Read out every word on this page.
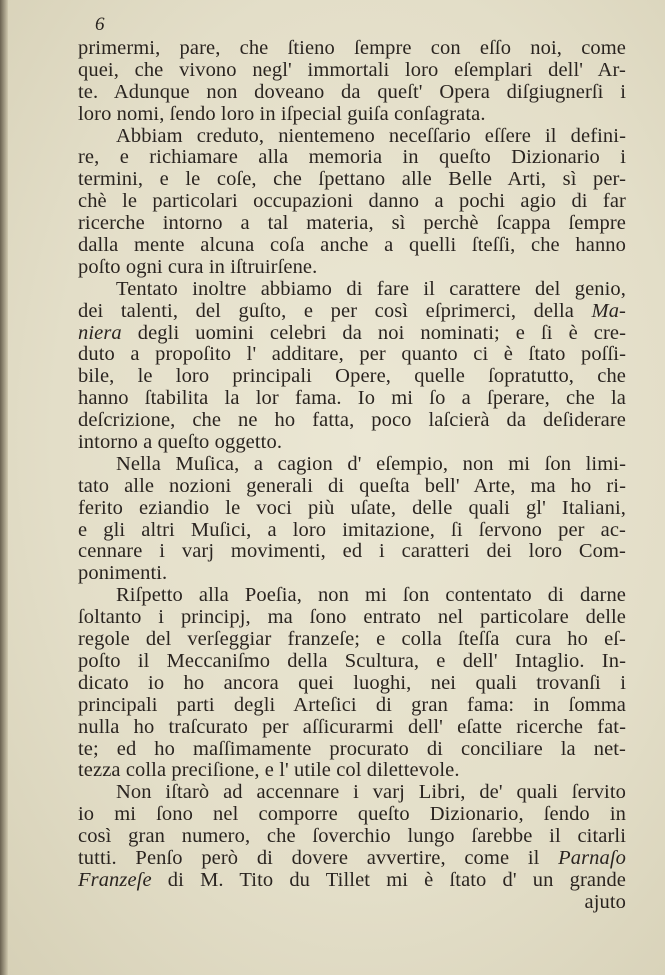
6
primermi, pare, che ſtieno ſempre con eſſo noi, come
quei, che vivono negl' immortali loro eſemplari dell' Ar-
te. Adunque non doveano da queſt' Opera diſgiugnerſi i
loro nomi, ſendo loro in iſpecial guiſa conſagrata.
Abbiam creduto, nientemeno neceſſario eſſere il defini-
re, e richiamare alla memoria in queſto Dizionario i
termini, e le coſe, che ſpettano alle Belle Arti, sì per-
chè le particolari occupazioni danno a pochi agio di far
ricerche intorno a tal materia, sì perchè ſcappa ſempre
dalla mente alcuna coſa anche a quelli ſteſſi, che hanno
poſto ogni cura in iſtruirſene.
Tentato inoltre abbiamo di fare il carattere del genio,
dei talenti, del guſto, e per così eſprimerci, della Ma-
niera degli uomini celebri da noi nominati; e ſi è cre-
duto a propoſito l' additare, per quanto ci è ſtato poſſi-
bile, le loro principali Opere, quelle ſopratutto, che
hanno ſtabilita la lor fama. Io mi ſo a ſperare, che la
deſcrizione, che ne ho fatta, poco laſcierà da deſiderare
intorno a queſto oggetto.
Nella Muſica, a cagion d' eſempio, non mi ſon limi-
tato alle nozioni generali di queſta bell' Arte, ma ho ri-
ferito eziandio le voci più uſate, delle quali gl' Italiani,
e gli altri Muſici, a loro imitazione, ſi ſervono per ac-
cennare i varj movimenti, ed i caratteri dei loro Com-
ponimenti.
Riſpetto alla Poeſia, non mi ſon contentato di darne
ſoltanto i principj, ma ſono entrato nel particolare delle
regole del verſeggiar franzeſe; e colla ſteſſa cura ho eſ-
poſto il Meccaniſmo della Scultura, e dell' Intaglio. In-
dicato io ho ancora quei luoghi, nei quali trovanſi i
principali parti degli Arteſici di gran fama: in ſomma
nulla ho traſcurato per aſſicurarmi dell' eſatte ricerche fat-
te; ed ho maſſimamente procurato di conciliare la net-
tezza colla preciſione, e l' utile col dilettevole.
Non iſtarò ad accennare i varj Libri, de' quali ſervito
io mi ſono nel comporre queſto Dizionario, ſendo in
così gran numero, che ſoverchio lungo ſarebbe il citarli
tutti. Penſo però di dovere avvertire, come il Parnaſo
Franzeſe di M. Tito du Tillet mi è ſtato d' un grande
ajuto
